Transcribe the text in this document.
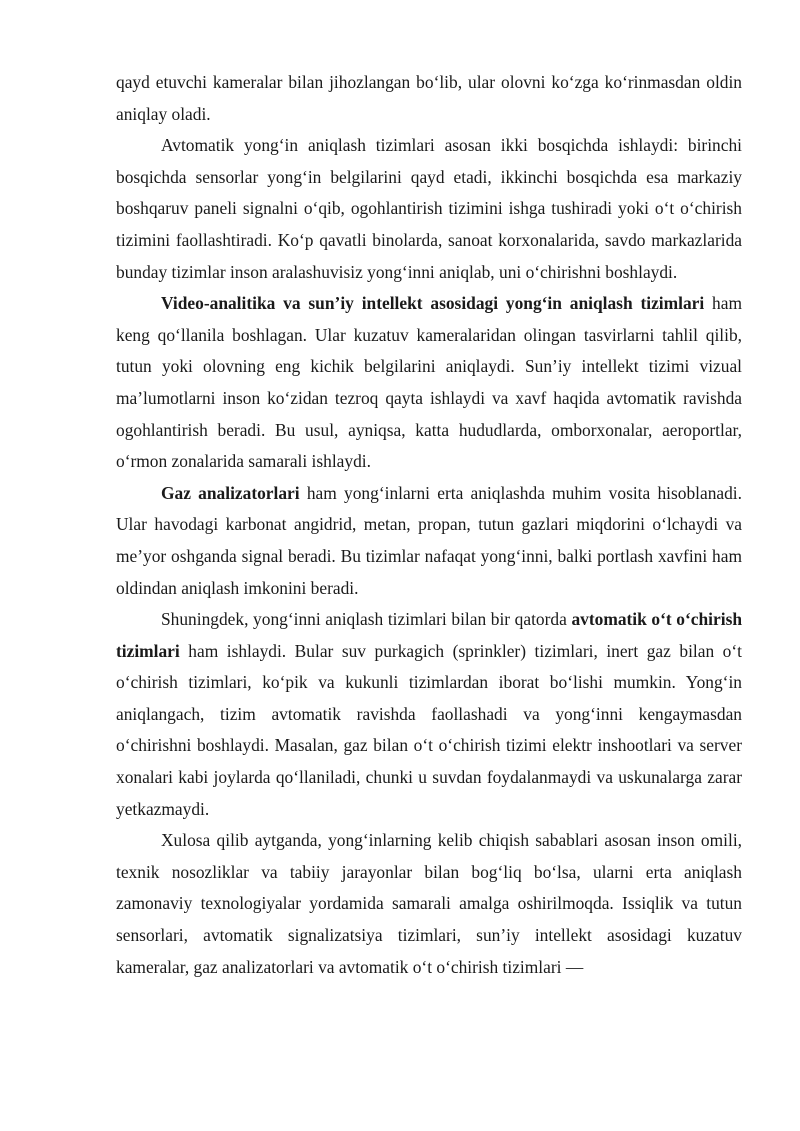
qayd etuvchi kameralar bilan jihozlangan bo‘lib, ular olovni ko‘zga ko‘rinmasdan oldin aniqlay oladi.

Avtomatik yong‘in aniqlash tizimlari asosan ikki bosqichda ishlaydi: birinchi bosqichda sensorlar yong‘in belgilarini qayd etadi, ikkinchi bosqichda esa markaziy boshqaruv paneli signalni o‘qib, ogohlantirish tizimini ishga tushiradi yoki o‘t o‘chirish tizimini faollashtiradi. Ko‘p qavatli binolarda, sanoat korxonalarida, savdo markazlarida bunday tizimlar inson aralashuvisiz yong‘inni aniqlab, uni o‘chirishni boshlaydi.

Video-analitika va sun’iy intellekt asosidagi yong‘in aniqlash tizimlari ham keng qo‘llanila boshlagan. Ular kuzatuv kameralaridan olingan tasvirlarni tahlil qilib, tutun yoki olovning eng kichik belgilarini aniqlaydi. Sun’iy intellekt tizimi vizual ma’lumotlarni inson ko‘zidan tezroq qayta ishlaydi va xavf haqida avtomatik ravishda ogohlantirish beradi. Bu usul, ayniqsa, katta hududlarda, omborxonalar, aeroportlar, o‘rmon zonalarida samarali ishlaydi.

Gaz analizatorlari ham yong‘inlarni erta aniqlashda muhim vosita hisoblanadi. Ular havodagi karbonat angidrid, metan, propan, tutun gazlari miqdorini o‘lchaydi va me’yor oshganda signal beradi. Bu tizimlar nafaqat yong‘inni, balki portlash xavfini ham oldindan aniqlash imkonini beradi.

Shuningdek, yong‘inni aniqlash tizimlari bilan bir qatorda avtomatik o‘t o‘chirish tizimlari ham ishlaydi. Bular suv purkagich (sprinkler) tizimlari, inert gaz bilan o‘t o‘chirish tizimlari, ko‘pik va kukunli tizimlardan iborat bo‘lishi mumkin. Yong‘in aniqlangach, tizim avtomatik ravishda faollashadi va yong‘inni kengaymasdan o‘chirishni boshlaydi. Masalan, gaz bilan o‘t o‘chirish tizimi elektr inshootlari va server xonalari kabi joylarda qo‘llaniladi, chunki u suvdan foydalanmaydi va uskunalarga zarar yetkazmaydi.

Xulosa qilib aytganda, yong‘inlarning kelib chiqish sabablari asosan inson omili, texnik nosozliklar va tabiiy jarayonlar bilan bog‘liq bo‘lsa, ularni erta aniqlash zamonaviy texnologiyalar yordamida samarali amalga oshirilmoqda. Issiqlik va tutun sensorlari, avtomatik signalizatsiya tizimlari, sun’iy intellekt asosidagi kuzatuv kameralar, gaz analizatorlari va avtomatik o‘t o‘chirish tizimlari —
